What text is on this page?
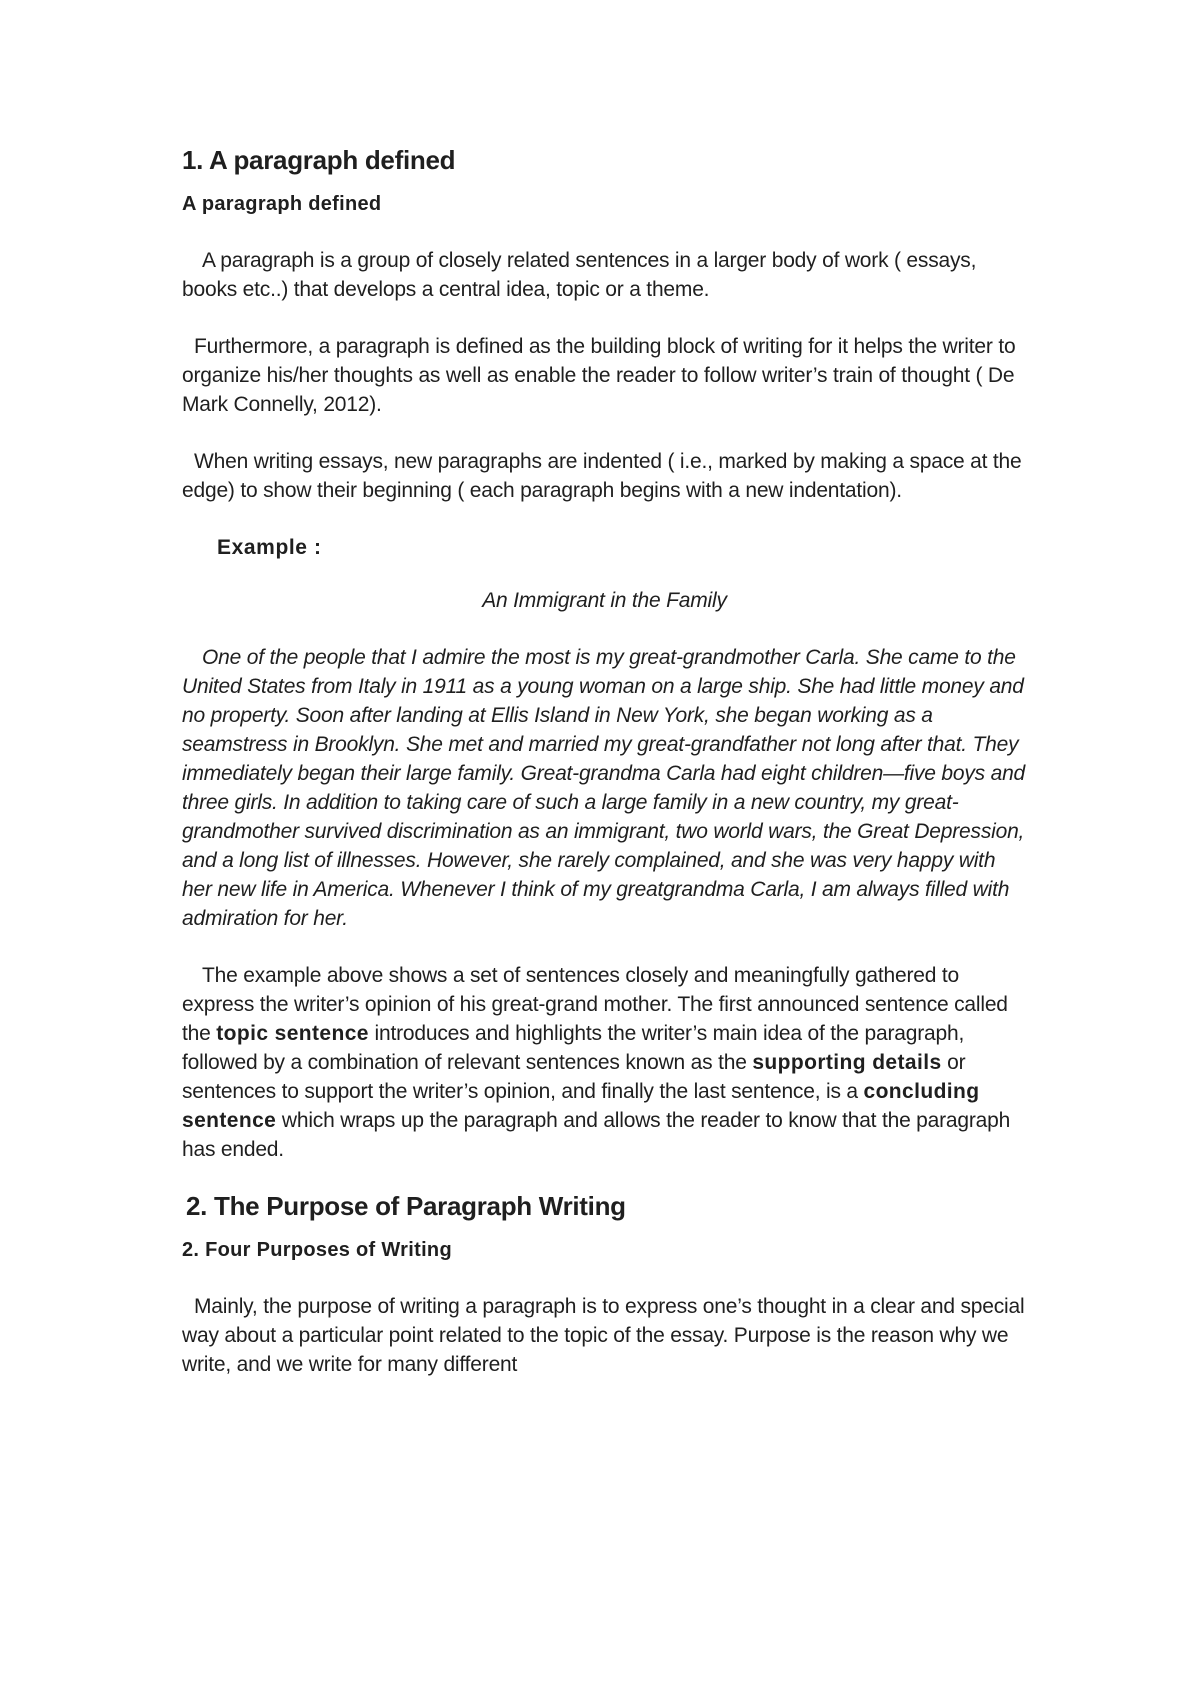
1. A paragraph defined
A paragraph defined

A paragraph is a group of closely related sentences in a larger body of work ( essays, books etc..) that develops a central idea, topic or a theme.

Furthermore, a paragraph is defined as the building block of writing for it helps the writer to organize his/her thoughts as well as enable the reader to follow writer’s train of thought ( De Mark Connelly, 2012).

When writing essays, new paragraphs are indented ( i.e., marked by making a space at the edge) to show their beginning ( each paragraph begins with a new indentation).

Example :

An Immigrant in the Family

One of the people that I admire the most is my great-grandmother Carla. She came to the United States from Italy in 1911 as a young woman on a large ship. She had little money and no property. Soon after landing at Ellis Island in New York, she began working as a seamstress in Brooklyn. She met and married my great-grandfather not long after that. They immediately began their large family. Great-grandma Carla had eight children—five boys and three girls. In addition to taking care of such a large family in a new country, my great-grandmother survived discrimination as an immigrant, two world wars, the Great Depression, and a long list of illnesses. However, she rarely complained, and she was very happy with her new life in America. Whenever I think of my greatgrandma Carla, I am always filled with admiration for her.

The example above shows a set of sentences closely and meaningfully gathered to express the writer’s opinion of his great-grand mother. The first announced sentence called the topic sentence introduces and highlights the writer’s main idea of the paragraph, followed by a combination of relevant sentences known as the supporting details or sentences to support the writer’s opinion, and finally the last sentence, is a concluding sentence which wraps up the paragraph and allows the reader to know that the paragraph has ended.

2. The Purpose of Paragraph Writing
2. Four Purposes of Writing

Mainly, the purpose of writing a paragraph is to express one’s thought in a clear and special way about a particular point related to the topic of the essay. Purpose is the reason why we write, and we write for many different
